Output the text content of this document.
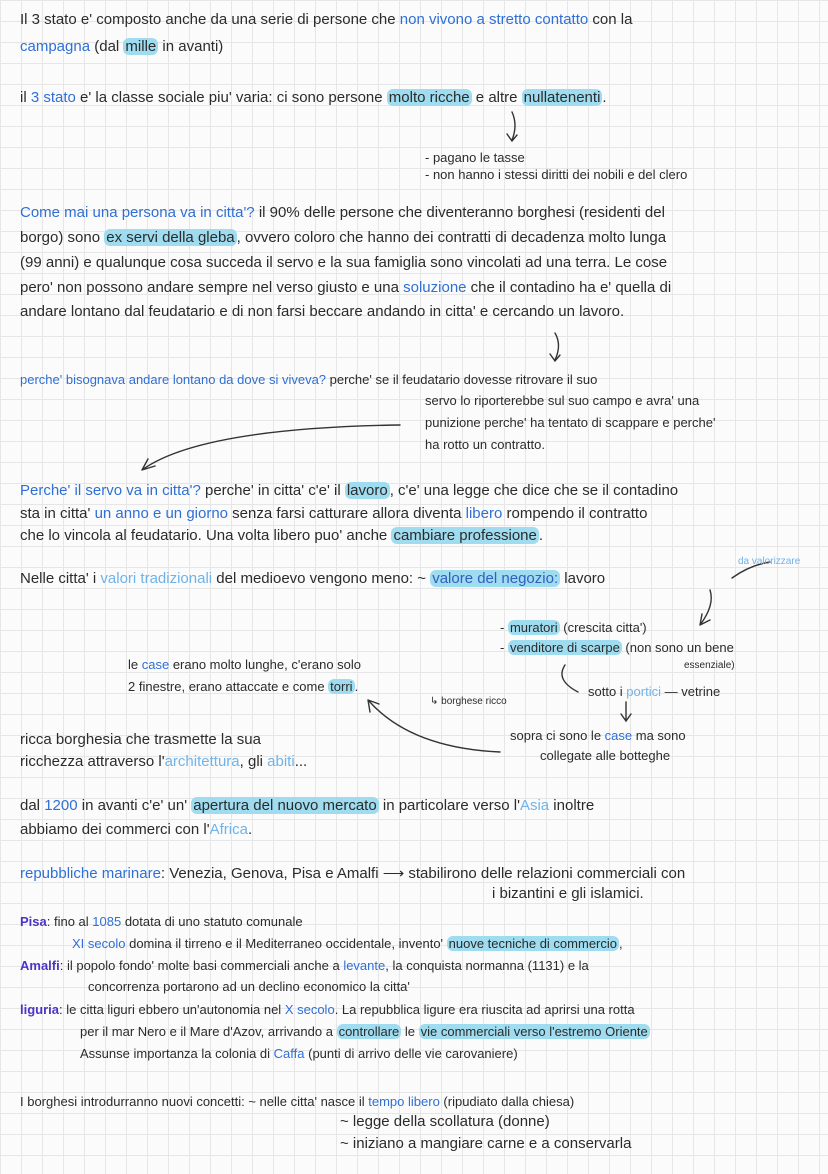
Il 3 stato e' composto anche da una serie di persone che non vivono a stretto contatto con la
campagna (dal mille in avanti)
il 3 stato e' la classe sociale piu' varia: ci sono persone molto ricche e altre nullatenenti .
- pagano le tasse
- non hanno i stessi diritti dei nobili e del clero
Come mai una persona va in citta'? il 90% delle persone che diventeranno borghesi (residenti del
borgo) sono ex servi della gleba , ovvero coloro che hanno dei contratti di decadenza molto lunga
(99 anni) e qualunque cosa succeda il servo e la sua famiglia sono vincolati ad una terra. Le cose
pero' non possono andare sempre nel verso giusto e una soluzione che il contadino ha e' quella di
andare lontano dal feudatario e di non farsi beccare andando in citta' e cercando un lavoro.
perche' bisognava andare lontano da dove si viveva? perche' se il feudatario dovesse ritrovare il suo
servo lo riporterebbe sul suo campo e avra' una
punizione perche' ha tentato di scappare e perche'
ha rotto un contratto.
Perche' il servo va in citta'? perche' in citta' c'e' il lavoro , c'e' una legge che dice che se il contadino
sta in citta' un anno e un giorno senza farsi catturare allora diventa libero rompendo il contratto
che lo vincola al feudatario. Una volta libero puo' anche cambiare professione .
da valorizzare
Nelle citta' i valori tradizionali del medioevo vengono meno: ~ valore del negozio: lavoro
- muratori (crescita citta')
- venditore di scarpe (non sono un bene
essenziale)
le case erano molto lunghe, c'erano solo
2 finestre, erano attaccate e come torri .
↳ borghese ricco
sotto i portici — vetrine
ricca borghesia che trasmette la sua
ricchezza attraverso l'architettura, gli abiti...
sopra ci sono le case ma sono
collegate alle botteghe
dal 1200 in avanti c'e' un' apertura del nuovo mercato in particolare verso l'Asia inoltre
abbiamo dei commerci con l'Africa.
repubbliche marinare: Venezia, Genova, Pisa e Amalfi ⟶ stabilirono delle relazioni commerciali con
i bizantini e gli islamici.
Pisa: fino al 1085 dotata di uno statuto comunale
XI secolo domina il tirreno e il Mediterraneo occidentale, invento' nuove tecniche di commercio ,
Amalfi: il popolo fondo' molte basi commerciali anche a levante, la conquista normanna (1131) e la
concorrenza portarono ad un declino economico la citta'
liguria: le citta liguri ebbero un'autonomia nel X secolo. La repubblica ligure era riuscita ad aprirsi una rotta
per il mar Nero e il Mare d'Azov, arrivando a controllare le vie commerciali verso l'estremo Oriente
Assunse importanza la colonia di Caffa (punti di arrivo delle vie carovaniere)
I borghesi introdurranno nuovi concetti: ~ nelle citta' nasce il tempo libero (ripudiato dalla chiesa)
~ legge della scollatura (donne)
~ iniziano a mangiare carne e a conservarla
